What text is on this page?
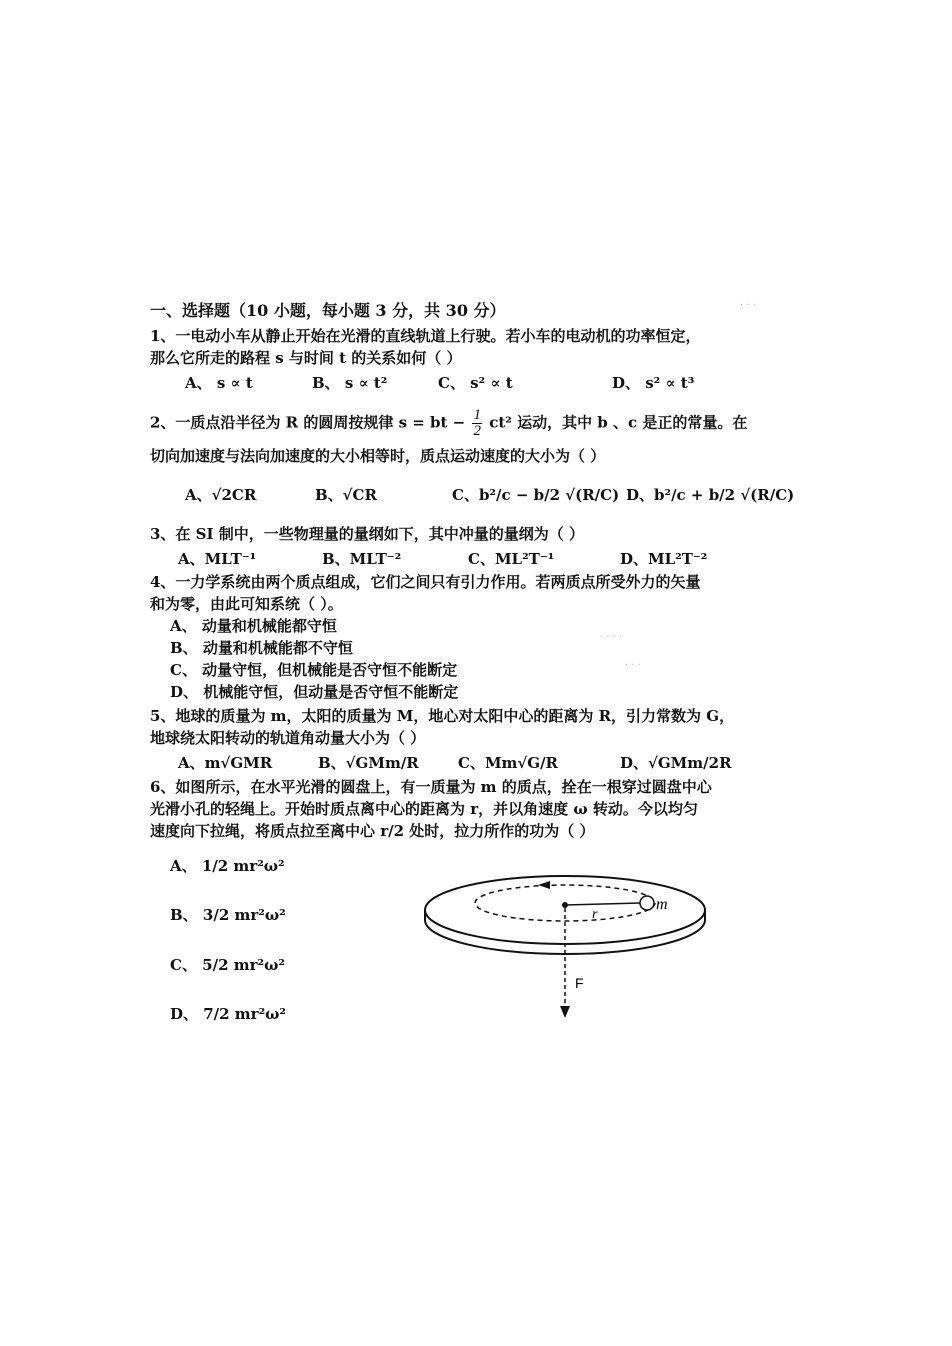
一、选择题（10 小题，每小题 3 分，共 30 分）
1、一电动小车从静止开始在光滑的直线轨道上行驶。若小车的电动机的功率恒定，
那么它所走的路程 s 与时间 t 的关系如何（ ）
A、 s ∝ t	B、 s ∝ t²	C、 s² ∝ t	D、 s² ∝ t³
2、一质点沿半径为 R 的圆周按规律 s = bt − $\frac{1}{2} ct^2$ 运动，其中 b 、c 是正的常量。在
切向加速度与法向加速度的大小相等时，质点运动速度的大小为（ ）
A、√2CR	B、√CR	C、b²/c − b/2 √(R/C) D、b²/c + b/2 √(R/C)
3、在 SI 制中，一些物理量的量纲如下，其中冲量的量纲为（ ）
A、MLT⁻¹	B、MLT⁻²	C、ML²T⁻¹	D、ML²T⁻²
4、一力学系统由两个质点组成，它们之间只有引力作用。若两质点所受外力的矢量
和为零，由此可知系统（ ）。
A、 动量和机械能都守恒
B、 动量和机械能都不守恒
C、 动量守恒，但机械能是否守恒不能断定
D、 机械能守恒，但动量是否守恒不能断定
5、地球的质量为 m，太阳的质量为 M，地心对太阳中心的距离为 R，引力常数为 G，
地球绕太阳转动的轨道角动量大小为（ ）
A、m√GMR	B、√GMm/R	C、Mm√G/R	D、√GMm/2R
6、如图所示，在水平光滑的圆盘上，有一质量为 m 的质点，拴在一根穿过圆盘中心
光滑小孔的轻绳上。开始时质点离中心的距离为 r，并以角速度 ω 转动。今以均匀
速度向下拉绳，将质点拉至离中心 r/2 处时，拉力所作的功为（ ）
A、 1/2 mr²ω²
B、 3/2 mr²ω²
C、 5/2 mr²ω²
D、 7/2 mr²ω²
m
r
F
· · ·
· · · ·
· · ·
